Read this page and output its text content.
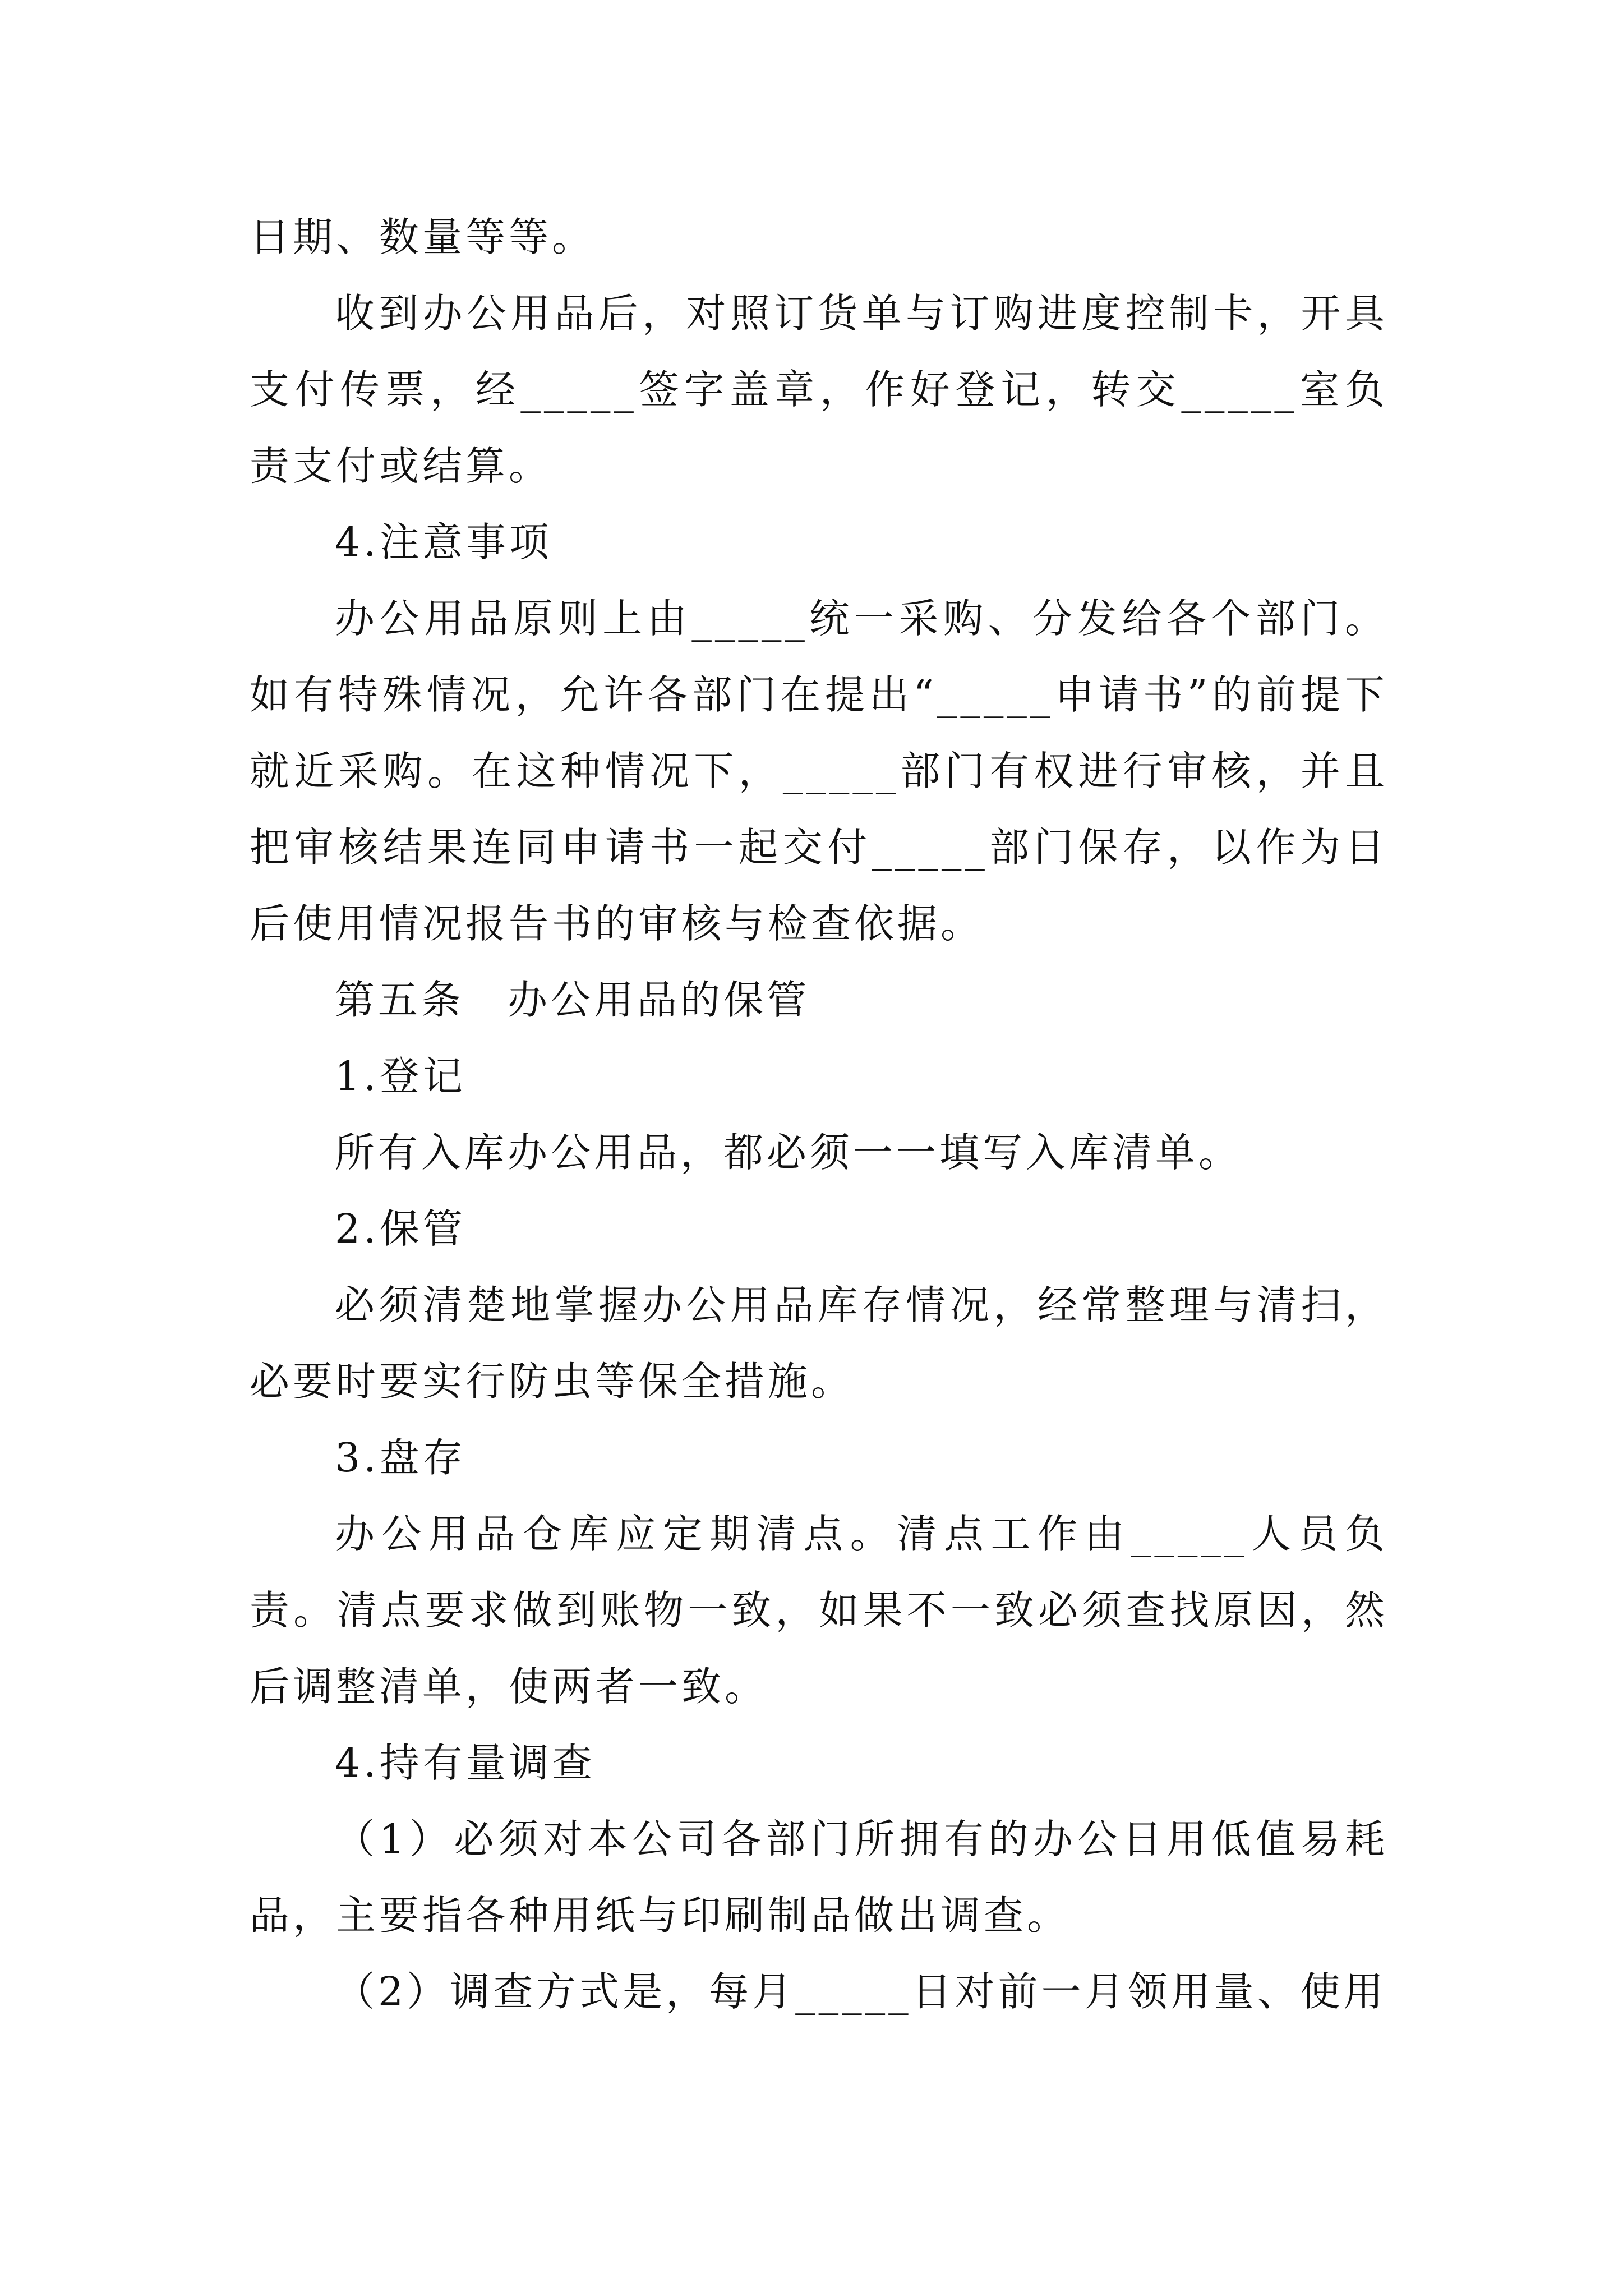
日期、数量等等。

收到办公用品后，对照订货单与订购进度控制卡，开具支付传票，经_____签字盖章，作好登记，转交_____室负责支付或结算。

4.注意事项

办公用品原则上由_____统一采购、分发给各个部门。如有特殊情况，允许各部门在提出“_____申请书”的前提下就近采购。在这种情况下，_____部门有权进行审核，并且把审核结果连同申请书一起交付_____部门保存，以作为日后使用情况报告书的审核与检查依据。

第五条　办公用品的保管

1.登记

所有入库办公用品，都必须一一填写入库清单。

2.保管

必须清楚地掌握办公用品库存情况，经常整理与清扫，必要时要实行防虫等保全措施。

3.盘存

办公用品仓库应定期清点。清点工作由_____人员负责。清点要求做到账物一致，如果不一致必须查找原因，然后调整清单，使两者一致。

4.持有量调查

（1）必须对本公司各部门所拥有的办公日用低值易耗品，主要指各种用纸与印刷制品做出调查。

（2）调查方式是，每月_____日对前一月领用量、使用
